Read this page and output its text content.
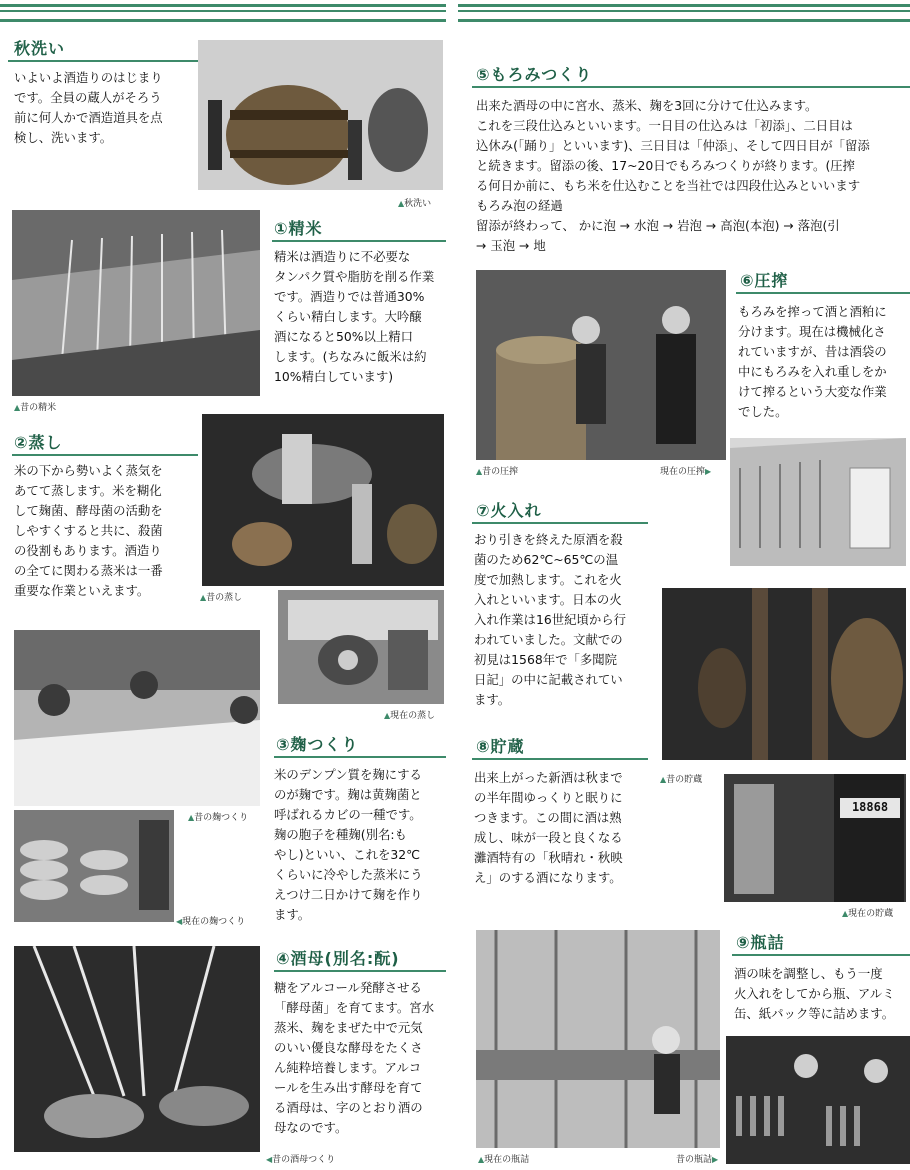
秋洗い
いよいよ酒造りのはじまり
です。全員の蔵人がそろう
前に何人かで酒造道具を点
検し、洗います。
▲秋洗い
▲昔の精米
①精米
精米は酒造りに不必要な
タンパク質や脂肪を削る作業
です。酒造りでは普通30%
くらい精白します。大吟醸
酒になると50%以上精口
します。(ちなみに飯米は約
10%精白しています)
②蒸し
米の下から勢いよく蒸気を
あてて蒸します。米を糊化
して麹菌、酵母菌の活動を
しやすくすると共に、殺菌
の役割もあります。酒造り
の全てに関わる蒸米は一番
重要な作業といえます。	▲昔の蒸し
▲現在の蒸し
▲昔の麹つくり
◀現在の麹つくり
③麹つくり
米のデンプン質を麹にする
のが麹です。麹は黄麹菌と
呼ばれるカビの一種です。
麹の胞子を種麹(別名:も
やし)といい、これを32℃
くらいに冷やした蒸米にう
えつけ二日かけて麹を作り
ます。
◀昔の酒母つくり
④酒母(別名:酛)
糖をアルコール発酵させる
「酵母菌」を育てます。宮水
蒸米、麹をまぜた中で元気
のいい優良な酵母をたくさ
ん純粋培養します。アルコ
ールを生み出す酵母を育て
る酒母は、字のとおり酒の
母なのです。
⑤もろみつくり
出来た酒母の中に宮水、蒸米、麹を3回に分けて仕込みます。
これを三段仕込みといいます。一日目の仕込みは「初添」、二日目は
込休み(「踊り」といいます)、三日目は「仲添」、そして四日目が「留添
と続きます。留添の後、17~20日でもろみつくりが終ります。(圧搾
る何日か前に、もち米を仕込むことを当社では四段仕込みといいます
もろみ泡の経過
留添が終わって、 かに泡 → 水泡 → 岩泡 → 高泡(本泡) → 落泡(引
→ 玉泡 → 地
▲昔の圧搾	現在の圧搾▶
⑥圧搾
もろみを搾って酒と酒粕に
分けます。現在は機械化さ
れていますが、昔は酒袋の
中にもろみを入れ重しをか
けて搾るという大変な作業
でした。
⑦火入れ
おり引きを終えた原酒を殺
菌のため62℃~65℃の温
度で加熱します。これを火
入れといいます。日本の火
入れ作業は16世紀頃から行
われていました。文献での
初見は1568年で「多聞院
日記」の中に記載されてい
ます。
⑧貯蔵
出来上がった新酒は秋まで
の半年間ゆっくりと眠りに
つきます。この間に酒は熟
成し、味が一段と良くなる
灘酒特有の「秋晴れ・秋映
え」のする酒になります。
▲昔の貯蔵
18868
▲現在の貯蔵
▲現在の瓶詰	昔の瓶詰▶
⑨瓶詰
酒の味を調整し、もう一度
火入れをしてから瓶、アルミ
缶、紙パック等に詰めます。
